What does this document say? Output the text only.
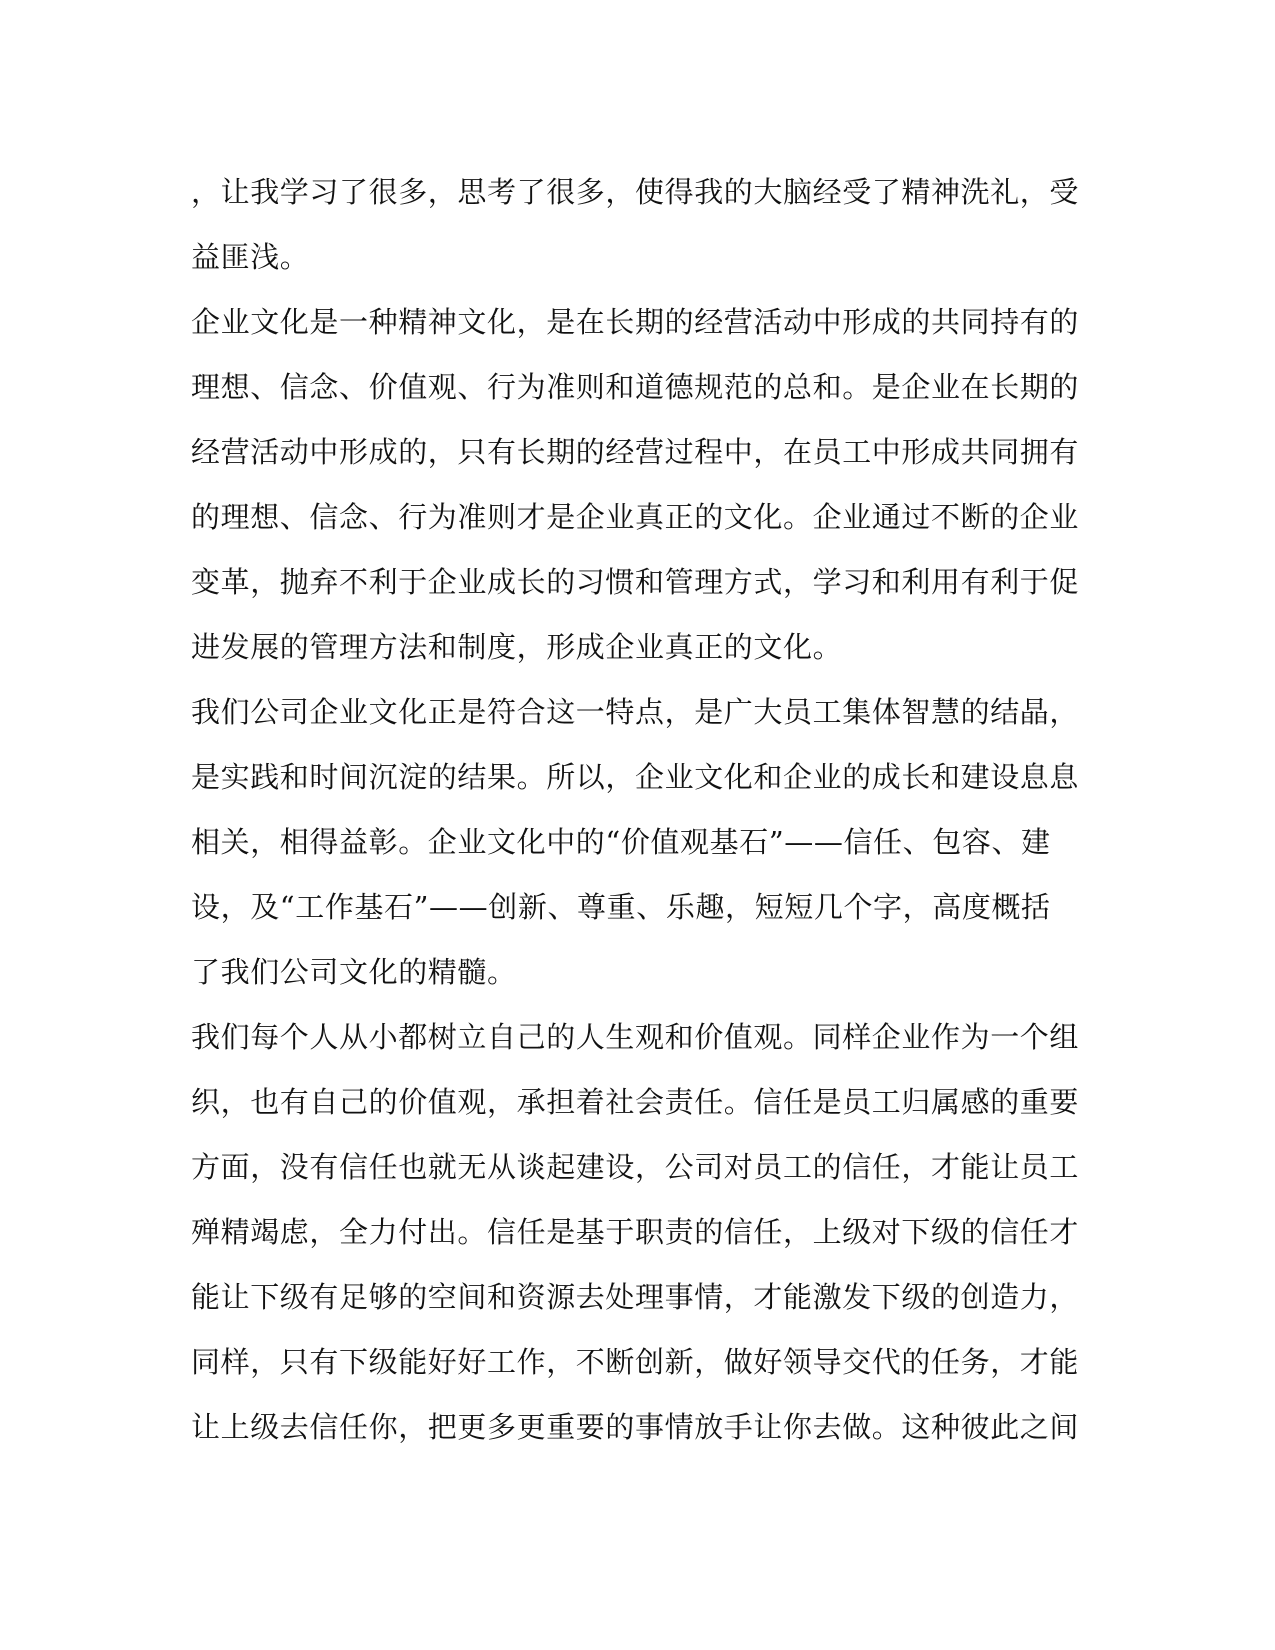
，让我学习了很多，思考了很多，使得我的大脑经受了精神洗礼，受
益匪浅。
企业文化是一种精神文化，是在长期的经营活动中形成的共同持有的
理想、信念、价值观、行为准则和道德规范的总和。是企业在长期的
经营活动中形成的，只有长期的经营过程中，在员工中形成共同拥有
的理想、信念、行为准则才是企业真正的文化。企业通过不断的企业
变革，抛弃不利于企业成长的习惯和管理方式，学习和利用有利于促
进发展的管理方法和制度，形成企业真正的文化。
我们公司企业文化正是符合这一特点，是广大员工集体智慧的结晶，
是实践和时间沉淀的结果。所以，企业文化和企业的成长和建设息息
相关，相得益彰。企业文化中的“价值观基石”——信任、包容、建
设，及“工作基石”——创新、尊重、乐趣，短短几个字，高度概括
了我们公司文化的精髓。
我们每个人从小都树立自己的人生观和价值观。同样企业作为一个组
织，也有自己的价值观，承担着社会责任。信任是员工归属感的重要
方面，没有信任也就无从谈起建设，公司对员工的信任，才能让员工
殚精竭虑，全力付出。信任是基于职责的信任，上级对下级的信任才
能让下级有足够的空间和资源去处理事情，才能激发下级的创造力，
同样，只有下级能好好工作，不断创新，做好领导交代的任务，才能
让上级去信任你，把更多更重要的事情放手让你去做。这种彼此之间
